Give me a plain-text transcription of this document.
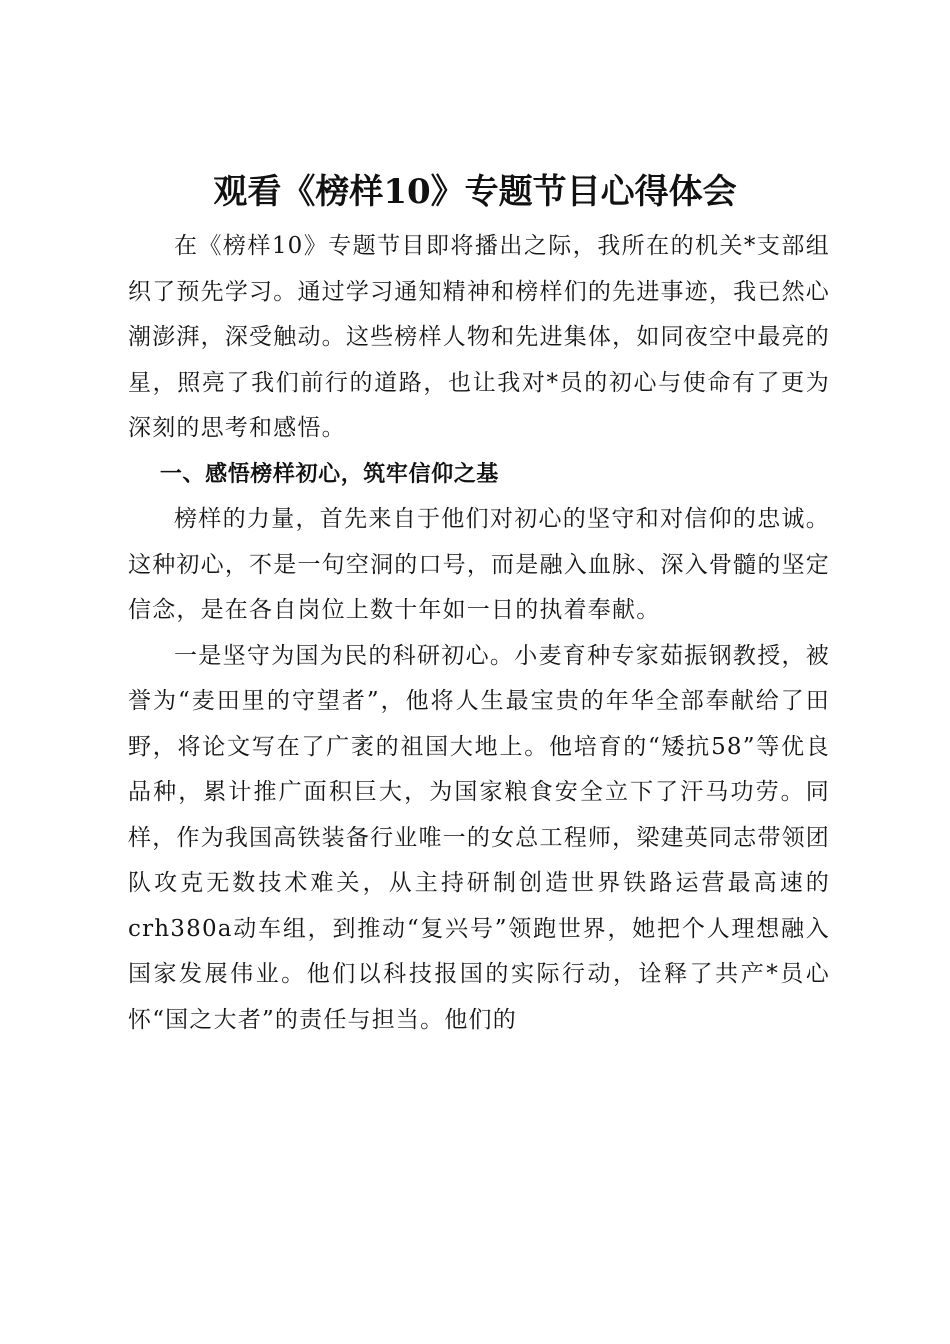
观看《榜样10》专题节目心得体会

在《榜样10》专题节目即将播出之际，我所在的机关*支部组织了预先学习。通过学习通知精神和榜样们的先进事迹，我已然心潮澎湃，深受触动。这些榜样人物和先进集体，如同夜空中最亮的星，照亮了我们前行的道路，也让我对*员的初心与使命有了更为深刻的思考和感悟。

一、感悟榜样初心，筑牢信仰之基

榜样的力量，首先来自于他们对初心的坚守和对信仰的忠诚。这种初心，不是一句空洞的口号，而是融入血脉、深入骨髓的坚定信念，是在各自岗位上数十年如一日的执着奉献。

一是坚守为国为民的科研初心。小麦育种专家茹振钢教授，被誉为“麦田里的守望者”，他将人生最宝贵的年华全部奉献给了田野，将论文写在了广袤的祖国大地上。他培育的“矮抗58”等优良品种，累计推广面积巨大，为国家粮食安全立下了汗马功劳。同样，作为我国高铁装备行业唯一的女总工程师，梁建英同志带领团队攻克无数技术难关，从主持研制创造世界铁路运营最高速的crh380a动车组，到推动“复兴号”领跑世界，她把个人理想融入国家发展伟业。他们以科技报国的实际行动，诠释了共产*员心怀“国之大者”的责任与担当。他们的
